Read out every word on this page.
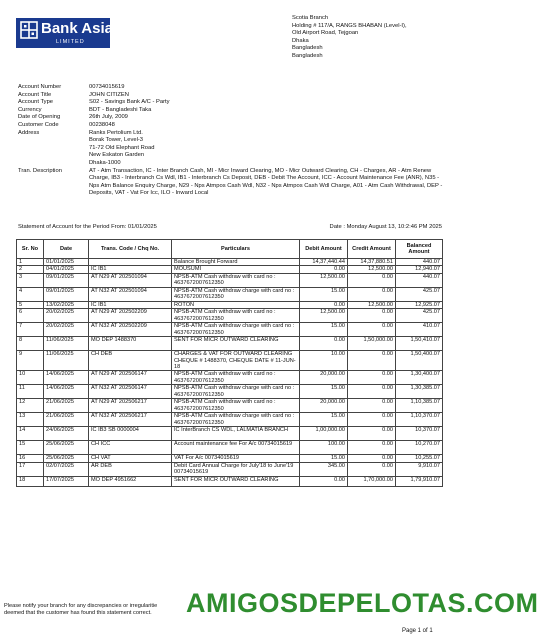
Bank Asia
LIMITED
Scotia Branch
Holding # 117/A, RANGS BHABAN (Level-I),
Old Airport Road, Tejgoan
Dhaka
Bangladesh
Bangladesh
Account Number	00734015619
Account Title	JOHN CITIZEN
Account Type	S02 - Savings Bank A/C - Party
Currency	BDT - Bangladeshi Taka
Date of Opening	26th July, 2009
Customer Code	00238048
Address	Ranks Pertolium Ltd.
Borak Tower, Level-3
71-72 Old Elephant Road
New Eskaton Garden
Dhaka-1000
Tran. Description	AT - Atm Transaction, IC - Inter Branch Cash, MI - Micr Inward Clearing, MO - Micr Outward Clearing, CH - Charges, AR - Atm Renew Charge, IB3 - Interbranch Cs Wdl, IB1 - Interbranch Cs Deposit, DEB - Debit The Account, ICC - Account Maintenance Fee (ANR), N35 - Nps Atm Balance Enquiry Charge, N29 - Nps Atmpos Cash Wdl, N32 - Nps Atmpos Cash Wdl Charge, A01 - Atm Cash Withdrawal, DEP - Deposits, VAT - Vat For Icc, ILO - Inward Local
Statement of Account for the Period From: 01/01/2025	Date : Monday August 13, 10:2:46 PM 2025
Sr. No	Date	Trans. Code / Chq No.	Particulars	Debit Amount	Credit Amount	Balanced Amount
1	01/01/2025		Balance Brought Forward	14,37,440.44	14,37,880.51	440.07
2	04/01/2025	IC IB1	MOUSUMI	0.00	12,500.00	12,940.07
3	09/01/2025	AT N29 AT 202501094	NPSB-ATM Cash withdraw with card no : 4637672007612350	12,500.00	0.00	440.07
4	09/01/2025	AT N32 AT 202501094	NPSB-ATM Cash withdraw charge with card no : 4637672007612350	15.00	0.00	425.07
5	13/02/2025	IC IB1	ROTON	0.00	12,500.00	12,925.07
6	20/02/2025	AT N29 AT 202502209	NPSB-ATM Cash withdraw with card no : 4637672007612350	12,500.00	0.00	425.07
7	20/02/2025	AT N32 AT 202502209	NPSB-ATM Cash withdraw charge with card no : 4637672007612350	15.00	0.00	410.07
8	11/06/2025	MO DEP 1488370	SENT FOR MICR OUTWARD CLEARING	0.00	1,50,000.00	1,50,410.07
9	11/06/2025	CH DEB	CHARGES & VAT FOR OUTWARD CLEARING CHEQUE # 1488370, CHEQUE DATE # 11-JUN-18	10.00	0.00	1,50,400.07
10	14/06/2025	AT N29 AT 202506147	NPSB-ATM Cash withdraw with card no : 4637672007612350	20,000.00	0.00	1,30,400.07
11	14/06/2025	AT N32 AT 202506147	NPSB-ATM Cash withdraw charge with card no : 4637672007612350	15.00	0.00	1,30,385.07
12	21/06/2025	AT N29 AT 202506217	NPSB-ATM Cash withdraw with card no : 4637672007612350	20,000.00	0.00	1,10,385.07
13	21/06/2025	AT N32 AT 202506217	NPSB-ATM Cash withdraw charge with card no : 4637672007612350	15.00	0.00	1,10,370.07
14	24/06/2025	IC IB3 SB 0000004	IC InterBranch CS WDL, LALMATIA BRANCH	1,00,000.00	0.00	10,370.07
15	25/06/2025	CH ICC	Account maintenance fee For A/c 00734015619	100.00	0.00	10,270.07
16	25/06/2025	CH VAT	VAT For A/c 00734015619	15.00	0.00	10,255.07
17	02/07/2025	AR DEB	Debit Card Annual Charge for July'18 to June'19 00734015619	345.00	0.00	9,910.07
18	17/07/2025	MO DEP 4951662	SENT FOR MICR OUTWARD CLEARING	0.00	1,70,000.00	1,79,910.07
Please notify your branch for any discrepancies or irregularitie
deemed that the customer has found this statement correct.	AMIGOSDEPELOTAS.COM
Page 1 of 1
